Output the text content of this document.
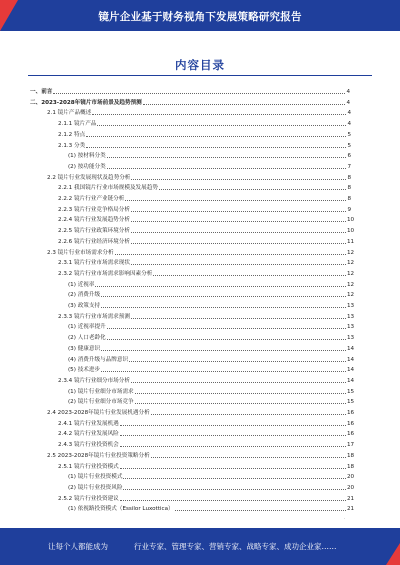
镜片企业基于财务视角下发展策略研究报告
内容目录
一、前言	4
二、2023-2028年镜片市场前景及趋势预测	4
2.1 镜片产品概述	4
2.1.1 镜片产品	4
2.1.2 特点	5
2.1.3 分类	5
(1) 按材料分类	6
(2) 按功能分类	7
2.2 镜片行业发展现状及趋势分析	8
2.2.1 我国镜片行业市场规模及发展趋势	8
2.2.2 镜片行业产业链分析	8
2.2.3 镜片行业竞争格局分析	9
2.2.4 镜片行业发展趋势分析	10
2.2.5 镜片行业政策环境分析	10
2.2.6 镜片行业经济环境分析	11
2.3 镜片行业市场需求分析	12
2.3.1 镜片行业市场需求现状	12
2.3.2 镜片行业市场需求影响因素分析	12
(1) 近视率	12
(2) 消费升级	12
(3) 政策支持	13
2.3.3 镜片行业市场需求预测	13
(1) 近视率提升	13
(2) 人口老龄化	13
(3) 健康意识	14
(4) 消费升级与品牌意识	14
(5) 技术进步	14
2.3.4 镜片行业细分市场分析	14
(1) 镜片行业细分市场需求	15
(2) 镜片行业细分市场竞争	15
2.4 2023-2028年镜片行业发展机遇分析	16
2.4.1 镜片行业发展机遇	16
2.4.2 镜片行业发展风险	16
2.4.3 镜片行业投资机会	17
2.5 2023-2028年镜片行业投资策略分析	18
2.5.1 镜片行业投资模式	18
(1) 镜片行业投资模式	20
(2) 镜片行业投资风险	20
2.5.2 镜片行业投资建议	21
(1) 依视路投资模式（Essilor Luxottica）	21
·
让每个人都能成为	行业专家、管理专家、营销专家、战略专家、成功企业家……
